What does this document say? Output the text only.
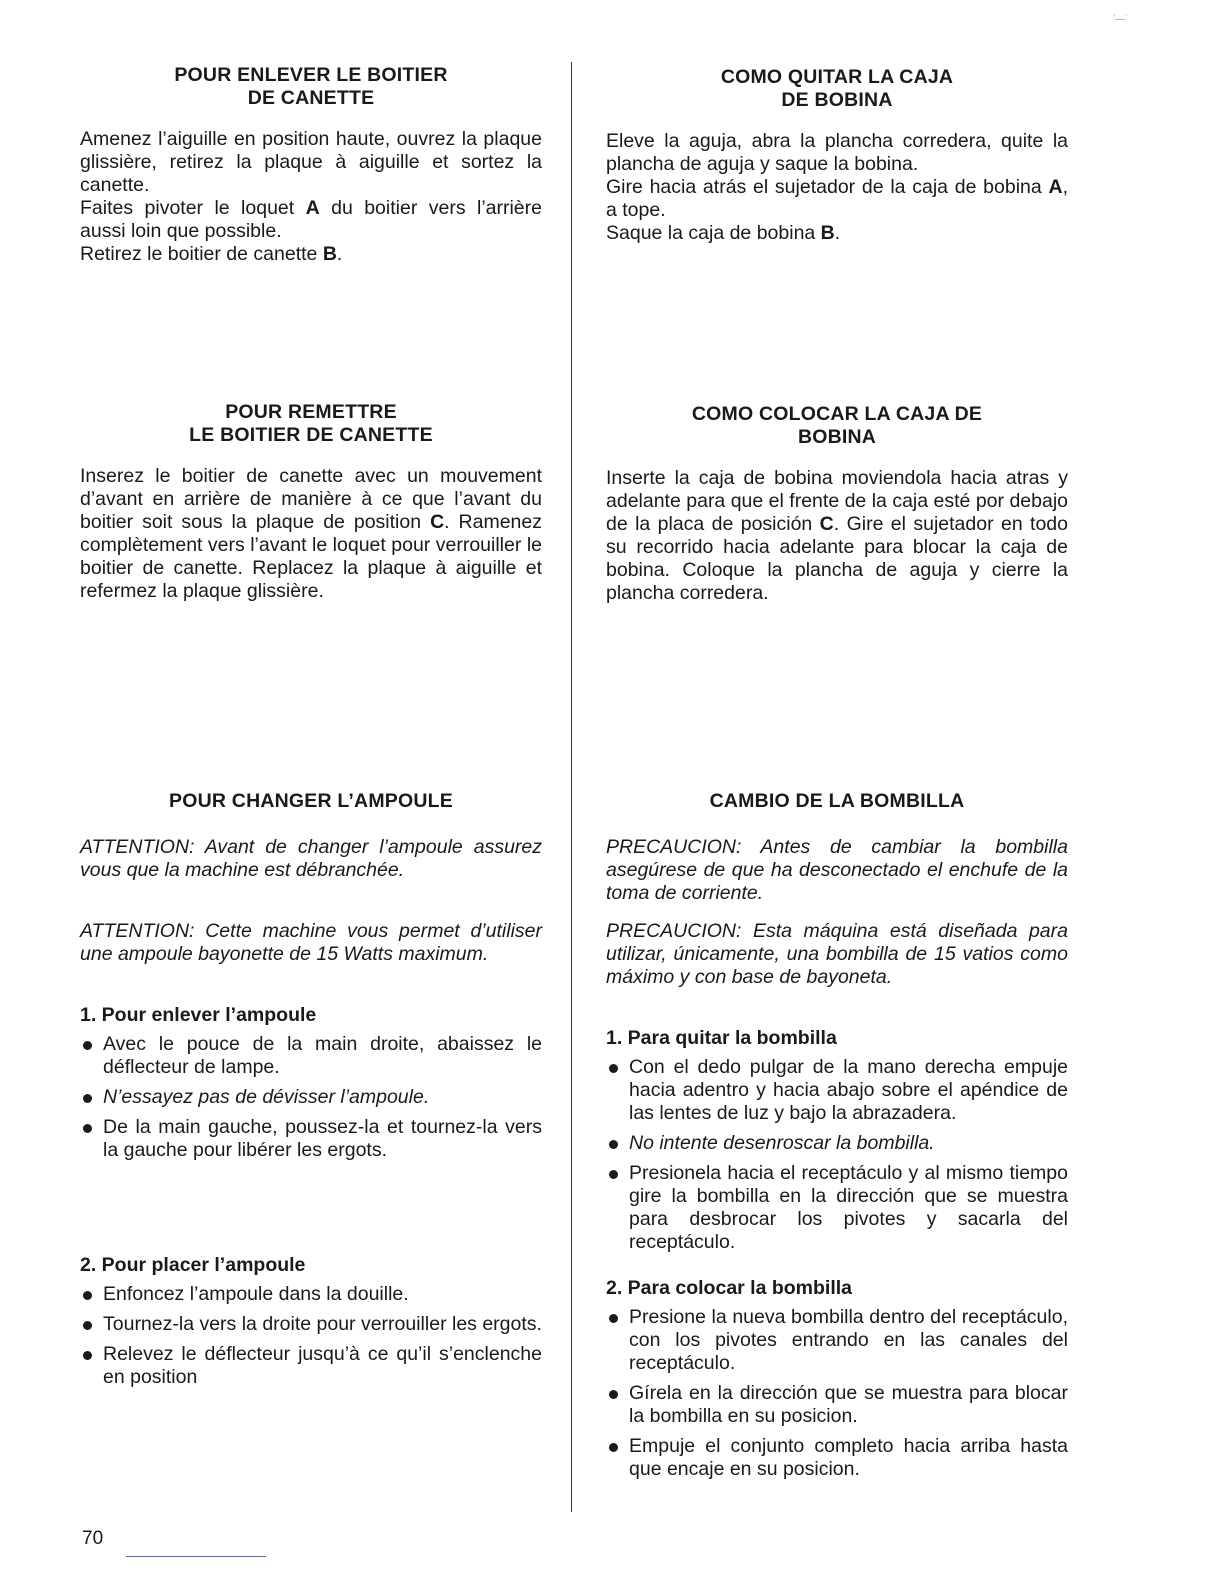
ʼ—˙
POUR ENLEVER LE BOITIER
DE CANETTE

Amenez l’aiguille en position haute, ouvrez la plaque glissière, retirez la plaque à aiguille et sortez la canette.
Faites pivoter le loquet A du boitier vers l’arrière aussi loin que possible.
Retirez le boitier de canette B.

POUR REMETTRE
LE BOITIER DE CANETTE

Inserez le boitier de canette avec un mouvement d’avant en arrière de manière à ce que l’avant du boitier soit sous la plaque de position C. Ramenez complètement vers l’avant le loquet pour verrouiller le boitier de canette. Replacez la plaque à aiguille et refermez la plaque glissière.

POUR CHANGER L’AMPOULE

ATTENTION: Avant de changer l’ampoule assurez vous que la machine est débranchée.

ATTENTION: Cette machine vous permet d’utiliser une ampoule bayonette de 15 Watts maximum.

1. Pour enlever l’ampoule
Avec le pouce de la main droite, abaissez le déflecteur de lampe.
N’essayez pas de dévisser l’ampoule.
De la main gauche, poussez-la et tournez-la vers la gauche pour libérer les ergots.
2. Pour placer l’ampoule
Enfoncez l’ampoule dans la douille.
Tournez-la vers la droite pour verrouiller les ergots.
Relevez le déflecteur jusqu’à ce qu’il s’enclenche en position
COMO QUITAR LA CAJA
DE BOBINA

Eleve la aguja, abra la plancha corredera, quite la plancha de aguja y saque la bobina.
Gire hacia atrás el sujetador de la caja de bobina A, a tope.
Saque la caja de bobina B.

COMO COLOCAR LA CAJA DE
BOBINA

Inserte la caja de bobina moviendola hacia atras y adelante para que el frente de la caja esté por debajo de la placa de posición C. Gire el sujetador en todo su recorrido hacia adelante para blocar la caja de bobina. Coloque la plancha de aguja y cierre la plancha corredera.

CAMBIO DE LA BOMBILLA

PRECAUCION: Antes de cambiar la bombilla asegúrese de que ha desconectado el enchufe de la toma de corriente.

PRECAUCION: Esta máquina está diseñada para utilizar, únicamente, una bombilla de 15 vatios como máximo y con base de bayoneta.

1. Para quitar la bombilla
Con el dedo pulgar de la mano derecha empuje hacia adentro y hacia abajo sobre el apéndice de las lentes de luz y bajo la abrazadera.
No intente desenroscar la bombilla.
Presionela hacia el receptáculo y al mismo tiempo gire la bombilla en la dirección que se muestra para desbrocar los pivotes y sacarla del receptáculo.
2. Para colocar la bombilla
Presione la nueva bombilla dentro del receptáculo, con los pivotes entrando en las canales del receptáculo.
Gírela en la dirección que se muestra para blocar la bombilla en su posicion.
Empuje el conjunto completo hacia arriba hasta que encaje en su posicion.
70
